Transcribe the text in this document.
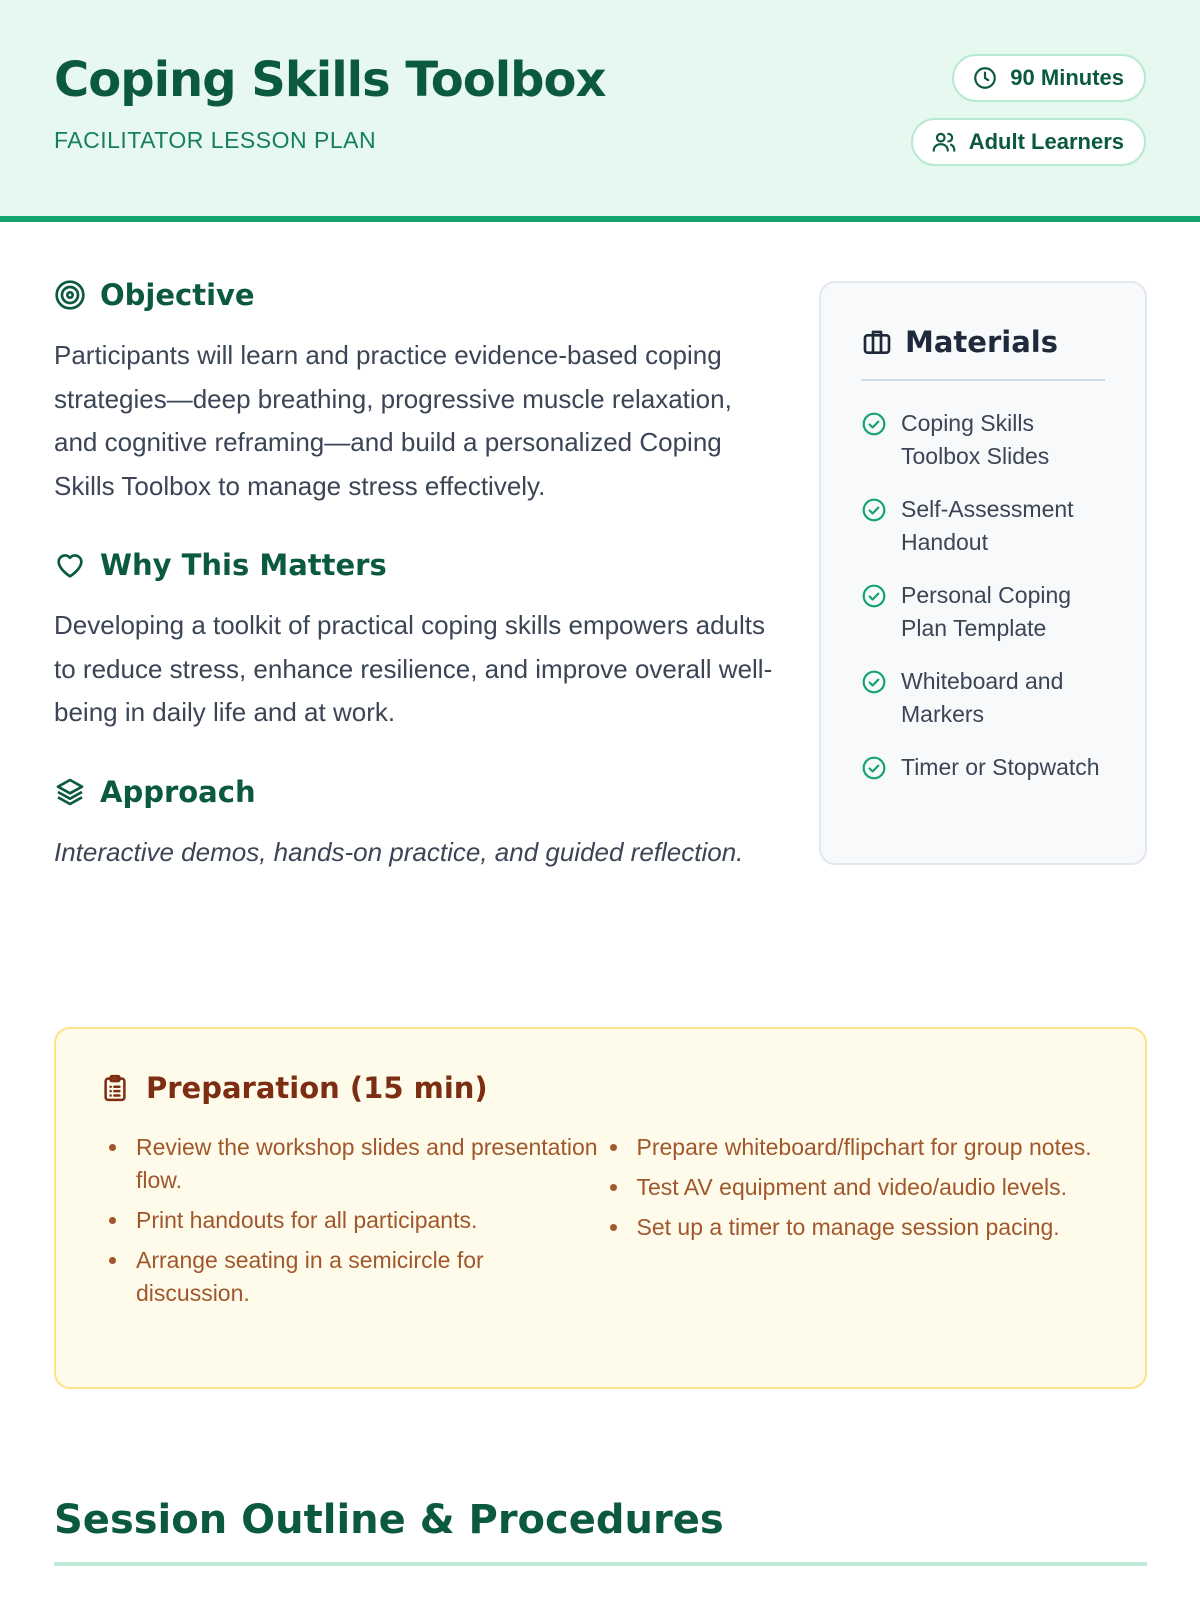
Coping Skills Toolbox
FACILITATOR LESSON PLAN
90 Minutes
Adult Learners
Objective

Participants will learn and practice evidence-based coping strategies—deep breathing, progressive muscle relaxation, and cognitive reframing—and build a personalized Coping Skills Toolbox to manage stress effectively.

Why This Matters

Developing a toolkit of practical coping skills empowers adults to reduce stress, enhance resilience, and improve overall well-being in daily life and at work.

Approach

Interactive demos, hands-on practice, and guided reflection.

Materials
Coping Skills Toolbox Slides
Self-Assessment Handout
Personal Coping Plan Template
Whiteboard and Markers
Timer or Stopwatch
Preparation (15 min)
• Review the workshop slides and presentation flow.
• Print handouts for all participants.
• Arrange seating in a semicircle for discussion.
• Prepare whiteboard/flipchart for group notes.
• Test AV equipment and video/audio levels.
• Set up a timer to manage session pacing.
Session Outline & Procedures
